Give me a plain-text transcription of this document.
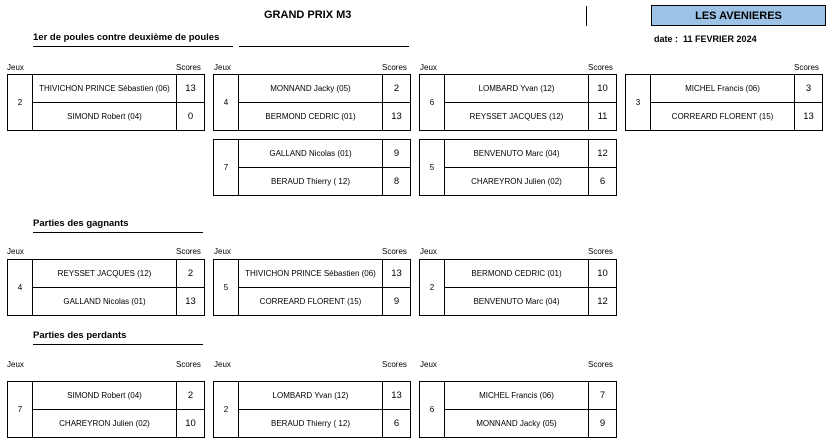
GRAND PRIX M3	LES AVENIERES
date : 11 FEVRIER 2024
1er de poules contre deuxième de poules
Jeux	Scores Jeux	Scores Jeux	Scores	Scores
2
THIVICHON PRINCE Sébastien (06)	13
SIMOND Robert (04)	0
4
MONNAND Jacky (05)	2
BERMOND CEDRIC (01)	13
6
LOMBARD Yvan (12)	10
REYSSET JACQUES (12)	11
3
MICHEL Francis (06)	3
CORREARD FLORENT (15)	13
7
GALLAND Nicolas (01)	9
BERAUD Thierry ( 12)	8
5
BENVENUTO Marc (04)	12
CHAREYRON Julien (02)	6
Parties des gagnants
Jeux	Scores Jeux	Scores Jeux	Scores
4
REYSSET JACQUES (12)	2
GALLAND Nicolas (01)	13
5
THIVICHON PRINCE Sébastien (06)	13
CORREARD FLORENT (15)	9
2
BERMOND CEDRIC (01)	10
BENVENUTO Marc (04)	12
Parties des perdants
Jeux	Scores Jeux	Scores Jeux	Scores
7
SIMOND Robert (04)	2
CHAREYRON Julien (02)	10
2
LOMBARD Yvan (12)	13
BERAUD Thierry ( 12)	6
6
MICHEL Francis (06)	7
MONNAND Jacky (05)	9
